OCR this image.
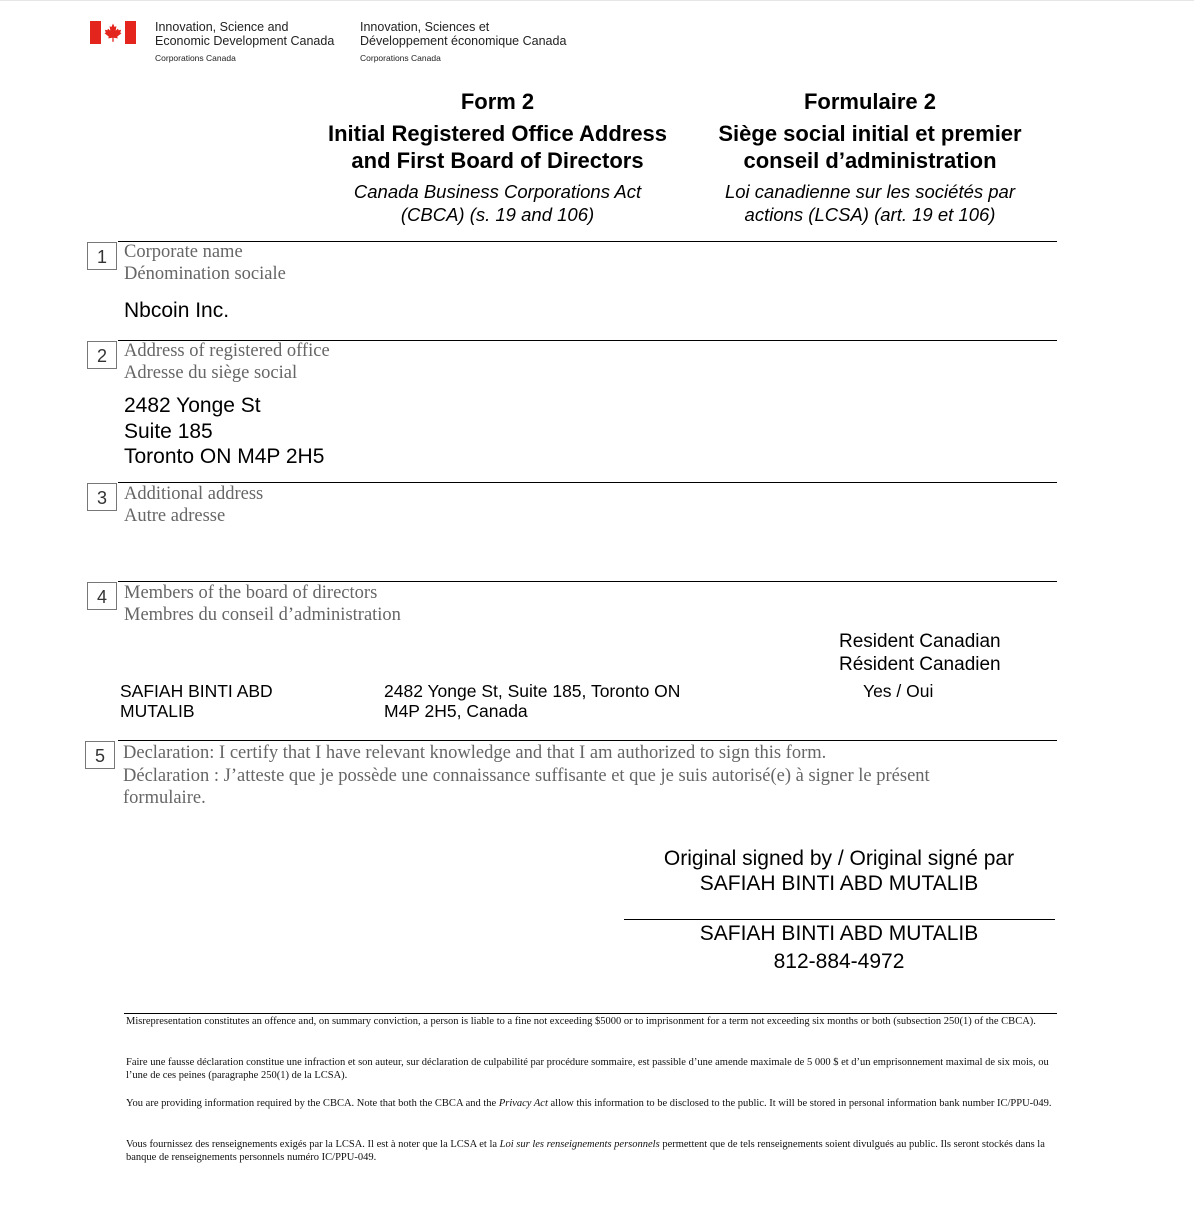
Innovation, Science and
Economic Development Canada
Corporations Canada
Innovation, Sciences et
Développement économique Canada
Corporations Canada
Form 2
Initial Registered Office Address
and First Board of Directors
Canada Business Corporations Act
(CBCA) (s. 19 and 106)
Formulaire 2
Siège social initial et premier
conseil d’administration
Loi canadienne sur les sociétés par
actions (LCSA) (art. 19 et 106)
1 Corporate name
Dénomination sociale
Nbcoin Inc.
2 Address of registered office
Adresse du siège social
2482 Yonge St
Suite 185
Toronto ON M4P 2H5
3 Additional address
Autre adresse
4 Members of the board of directors
Membres du conseil d’administration
Resident Canadian
Résident Canadien
SAFIAH BINTI ABD
MUTALIB
2482 Yonge St, Suite 185, Toronto ON
M4P 2H5, Canada
Yes / Oui
5 Declaration: I certify that I have relevant knowledge and that I am authorized to sign this form.
Déclaration : J’atteste que je possède une connaissance suffisante et que je suis autorisé(e) à signer le présent
formulaire.
Original signed by / Original signé par
SAFIAH BINTI ABD MUTALIB
SAFIAH BINTI ABD MUTALIB
812-884-4972
Misrepresentation constitutes an offence and, on summary conviction, a person is liable to a fine not exceeding $5000 or to imprisonment for a term not exceeding six months or both (subsection 250(1) of the CBCA).
Faire une fausse déclaration constitue une infraction et son auteur, sur déclaration de culpabilité par procédure sommaire, est passible d’une amende maximale de 5 000 $ et d’un emprisonnement maximal de six mois, ou l’une de ces peines (paragraphe 250(1) de la LCSA).
You are providing information required by the CBCA. Note that both the CBCA and the Privacy Act allow this information to be disclosed to the public. It will be stored in personal information bank number IC/PPU-049.
Vous fournissez des renseignements exigés par la LCSA. Il est à noter que la LCSA et la Loi sur les renseignements personnels permettent que de tels renseignements soient divulgués au public. Ils seront stockés dans la banque de renseignements personnels numéro IC/PPU-049.
